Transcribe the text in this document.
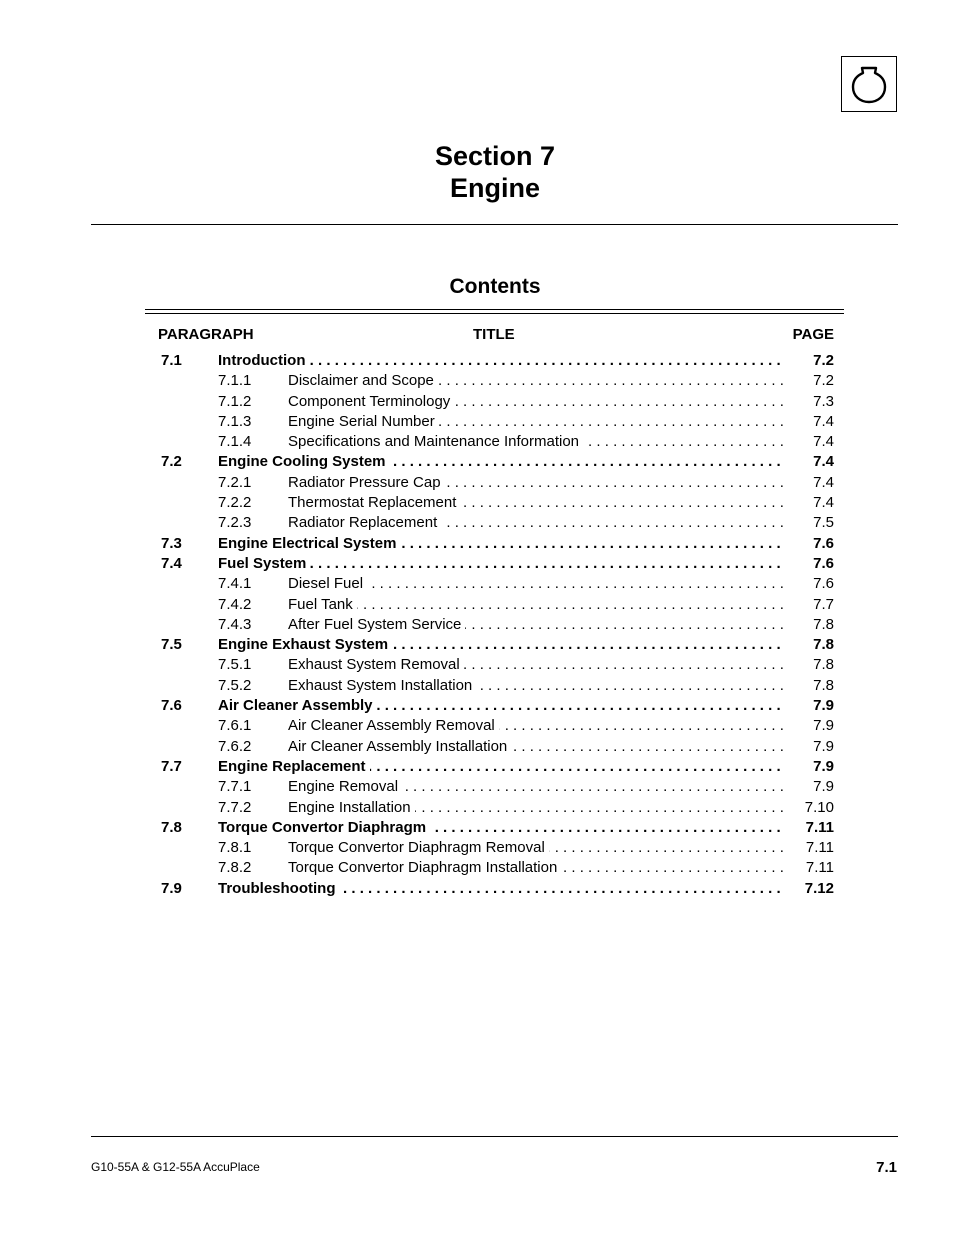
Section 7
Engine
Contents
PARAGRAPH	TITLE	PAGE
7.1 Introduction . . .	7.2
7.1.1 Disclaimer and Scope . . .	7.2
7.1.2 Component Terminology . . .	7.3
7.1.3 Engine Serial Number . . .	7.4
7.1.4 Specifications and Maintenance Information . . .	7.4
7.2 Engine Cooling System . . .	7.4
7.2.1 Radiator Pressure Cap . . .	7.4
7.2.2 Thermostat Replacement . . .	7.4
7.2.3 Radiator Replacement . . .	7.5
7.3 Engine Electrical System . . .	7.6
7.4 Fuel System . . .	7.6
7.4.1 Diesel Fuel . . .	7.6
7.4.2 Fuel Tank . . .	7.7
7.4.3 After Fuel System Service . . .	7.8
7.5 Engine Exhaust System . . .	7.8
7.5.1 Exhaust System Removal . . .	7.8
7.5.2 Exhaust System Installation . . .	7.8
7.6 Air Cleaner Assembly . . .	7.9
7.6.1 Air Cleaner Assembly Removal . . .	7.9
7.6.2 Air Cleaner Assembly Installation . . .	7.9
7.7 Engine Replacement . . .	7.9
7.7.1 Engine Removal . . .	7.9
7.7.2 Engine Installation . . .	7.10
7.8 Torque Convertor Diaphragm . . .	7.11
7.8.1 Torque Convertor Diaphragm Removal . . .	7.11
7.8.2 Torque Convertor Diaphragm Installation . . .	7.11
7.9 Troubleshooting . . .	7.12
G10-55A & G12-55A AccuPlace	7.1
